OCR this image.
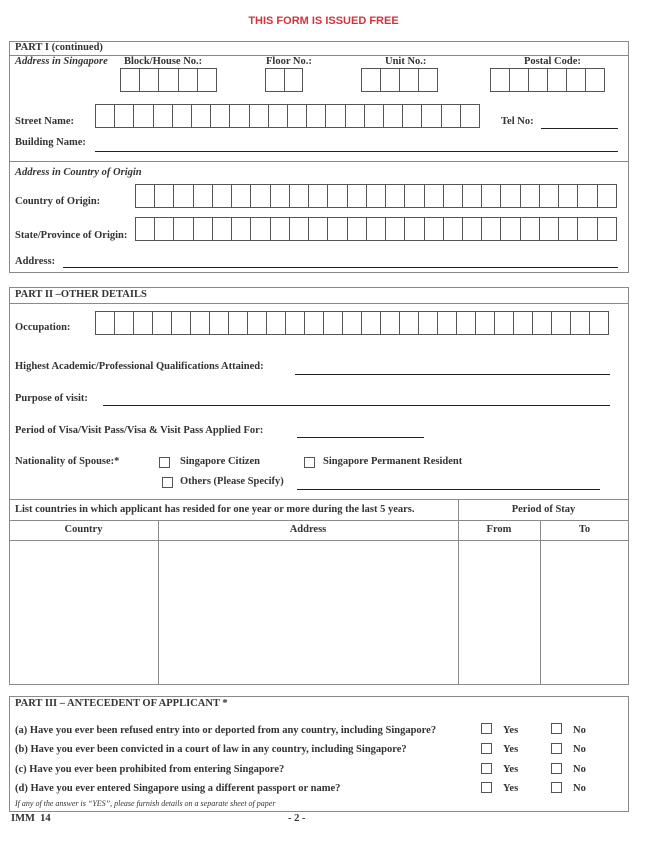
THIS FORM IS ISSUED FREE
PART I (continued)
Address in Singapore Block/House No.:	Floor No.:	Unit No.:	Postal Code:
Street Name:	Tel No:
Building Name:
Address in Country of Origin
Country of Origin:
State/Province of Origin:
Address:
PART II –OTHER DETAILS
Occupation:
Highest Academic/Professional Qualifications Attained:
Purpose of visit:
Period of Visa/Visit Pass/Visa & Visit Pass Applied For:
Nationality of Spouse:*	Singapore Citizen	Singapore Permanent Resident
Others (Please Specify)
List countries in which applicant has resided for one year or more during the last 5 years.	Period of Stay
Country	Address	From	To
PART III – ANTECEDENT OF APPLICANT *
(a) Have you ever been refused entry into or deported from any country, including Singapore?	Yes	No
(b) Have you ever been convicted in a court of law in any country, including Singapore?	Yes	No
(c) Have you ever been prohibited from entering Singapore?	Yes	No
(d) Have you ever entered Singapore using a different passport or name?	Yes	No
If any of the answer is “YES”, please furnish details on a separate sheet of paper
IMM  14	- 2 -
